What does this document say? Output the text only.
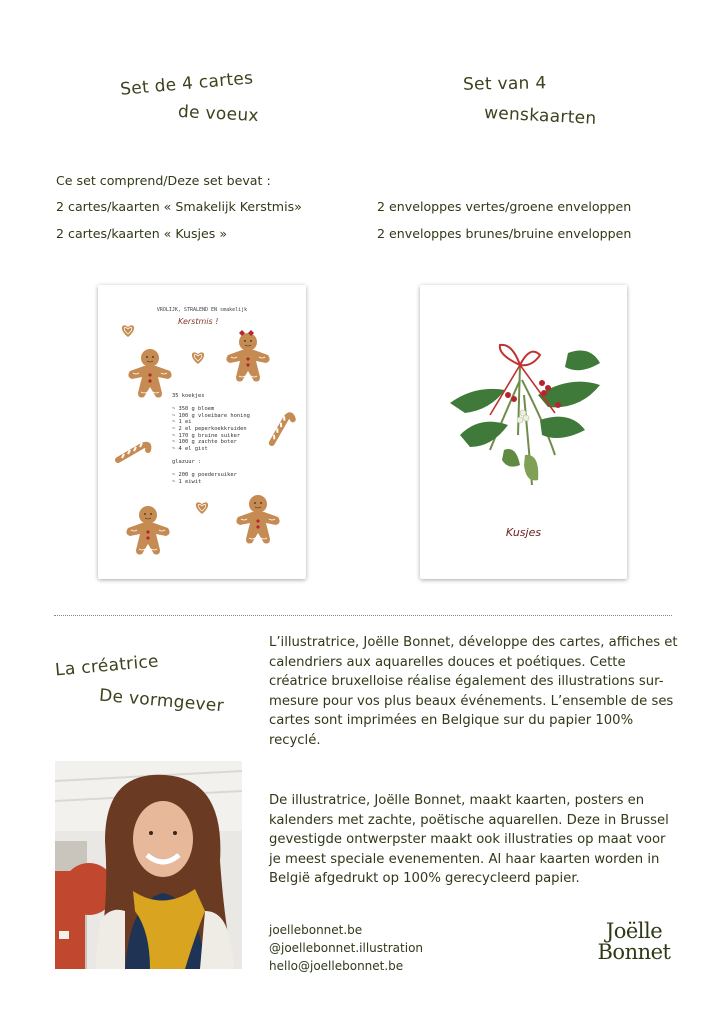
Set de 4 cartes
de voeux
Set van 4
wenskaarten
Ce set comprend/Deze set bevat :
2 cartes/kaarten « Smakelijk Kerstmis»
2 cartes/kaarten « Kusjes »
2 enveloppes vertes/groene enveloppen
2 enveloppes brunes/bruine enveloppen
VROLIJK, STRALEND EN smakelijk
Kerstmis !
35 koekjes

~ 350 g bloem
~ 100 g vloeibare honing
~ 1 ei
~ 2 el peperkoekkruiden
~ 170 g bruine suiker
~ 100 g zachte boter
~ 4 el gist

glazuur :

~ 200 g poedersuiker
~ 1 eiwit
Kusjes
La créatrice
De vormgever

L’illustratrice, Joëlle Bonnet, développe des cartes, affiches et calendriers aux aquarelles douces et poétiques. Cette créatrice bruxelloise réalise également des illustrations sur-mesure pour vos plus beaux événements. L’ensemble de ses cartes sont imprimées en Belgique sur du papier 100% recyclé.

De illustratrice, Joëlle Bonnet, maakt kaarten, posters en kalenders met zachte, poëtische aquarellen. Deze in Brussel gevestigde ontwerpster maakt ook illustraties op maat voor je meest speciale evenementen. Al haar kaarten worden in België afgedrukt op 100% gerecycleerd papier.

joellebonnet.be
@joellebonnet.illustration
hello@joellebonnet.be
Joëlle
Bonnet
